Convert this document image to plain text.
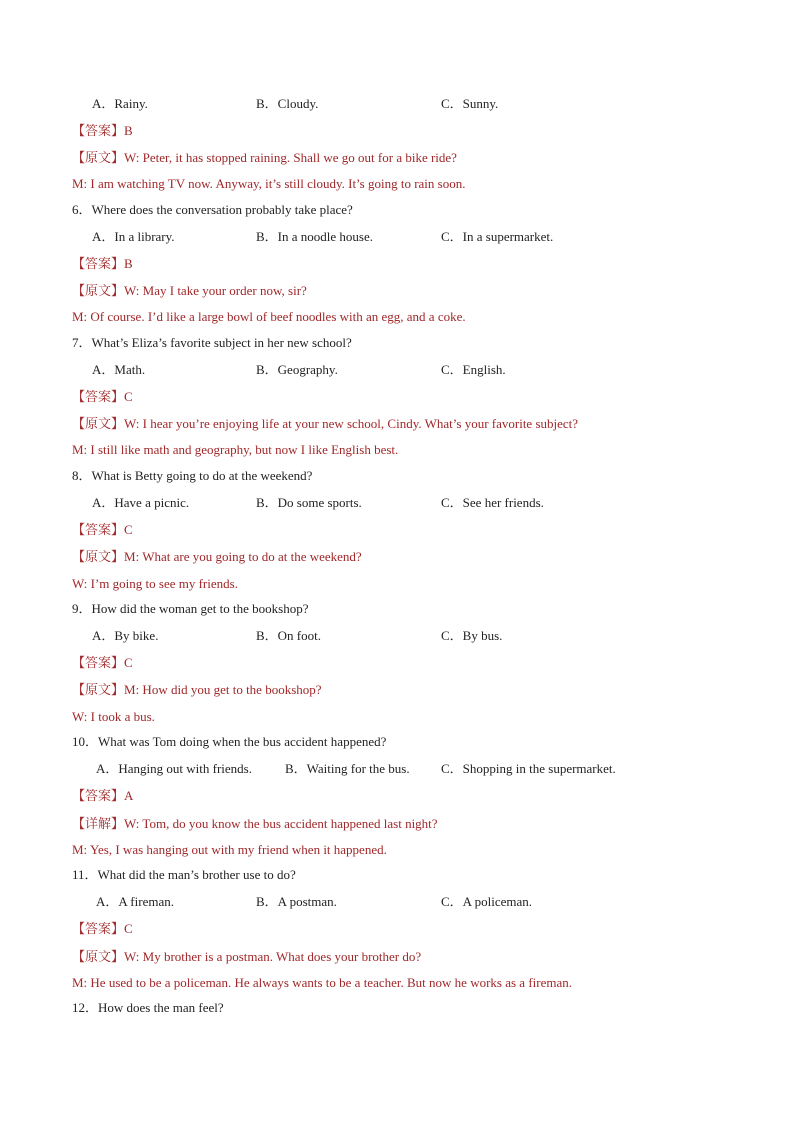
A．Rainy.	B．Cloudy.	C．Sunny.
【答案】B
【原文】W: Peter, it has stopped raining. Shall we go out for a bike ride?
M: I am watching TV now. Anyway, it’s still cloudy. It’s going to rain soon.
6．Where does the conversation probably take place?
A．In a library.	B．In a noodle house.	C．In a supermarket.
【答案】B
【原文】W: May I take your order now, sir?
M: Of course. I’d like a large bowl of beef noodles with an egg, and a coke.
7．What’s Eliza’s favorite subject in her new school?
A．Math.	B．Geography.	C．English.
【答案】C
【原文】W: I hear you’re enjoying life at your new school, Cindy. What’s your favorite subject?
M: I still like math and geography, but now I like English best.
8．What is Betty going to do at the weekend?
A．Have a picnic.	B．Do some sports.	C．See her friends.
【答案】C
【原文】M: What are you going to do at the weekend?
W: I’m going to see my friends.
9．How did the woman get to the bookshop?
A．By bike.	B．On foot.	C．By bus.
【答案】C
【原文】M: How did you get to the bookshop?
W: I took a bus.
10．What was Tom doing when the bus accident happened?
A．Hanging out with friends.	B．Waiting for the bus. C．Shopping in the supermarket.
【答案】A
【详解】W: Tom, do you know the bus accident happened last night?
M: Yes, I was hanging out with my friend when it happened.
11．What did the man’s brother use to do?
A．A fireman.	B．A postman.	C．A policeman.
【答案】C
【原文】W: My brother is a postman. What does your brother do?
M: He used to be a policeman. He always wants to be a teacher. But now he works as a fireman.
12．How does the man feel?
